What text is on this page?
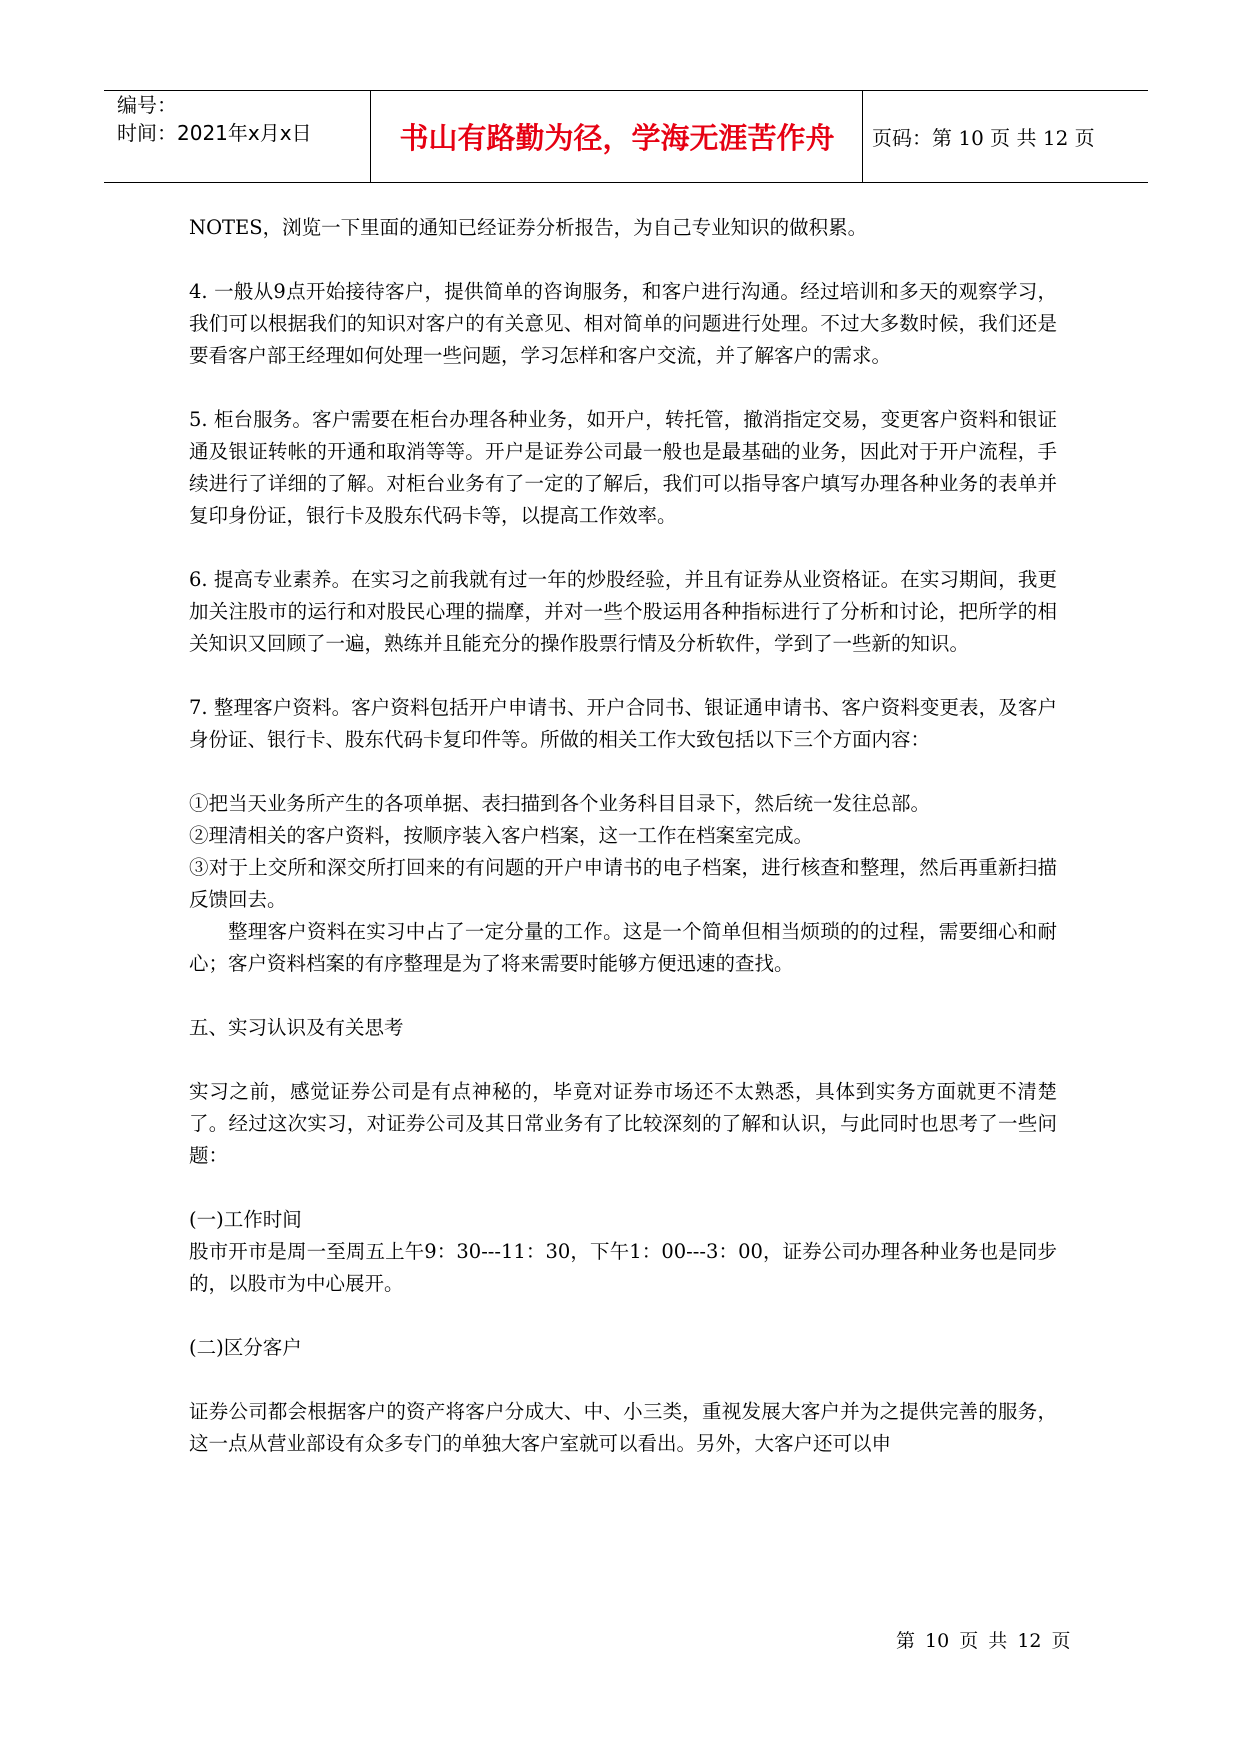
编号：
时间：2021年x月x日	书山有路勤为径，学海无涯苦作舟	页码：第 10 页 共 12 页

NOTES，浏览一下里面的通知已经证券分析报告，为自己专业知识的做积累。

4. 一般从9点开始接待客户，提供简单的咨询服务，和客户进行沟通。经过培训和多天的观察学习，我们可以根据我们的知识对客户的有关意见、相对简单的问题进行处理。不过大多数时候，我们还是要看客户部王经理如何处理一些问题，学习怎样和客户交流，并了解客户的需求。

5. 柜台服务。客户需要在柜台办理各种业务，如开户，转托管，撤消指定交易，变更客户资料和银证通及银证转帐的开通和取消等等。开户是证券公司最一般也是最基础的业务，因此对于开户流程，手续进行了详细的了解。对柜台业务有了一定的了解后，我们可以指导客户填写办理各种业务的表单并复印身份证，银行卡及股东代码卡等，以提高工作效率。

6. 提高专业素养。在实习之前我就有过一年的炒股经验，并且有证券从业资格证。在实习期间，我更加关注股市的运行和对股民心理的揣摩，并对一些个股运用各种指标进行了分析和讨论，把所学的相关知识又回顾了一遍，熟练并且能充分的操作股票行情及分析软件，学到了一些新的知识。

7. 整理客户资料。客户资料包括开户申请书、开户合同书、银证通申请书、客户资料变更表，及客户身份证、银行卡、股东代码卡复印件等。所做的相关工作大致包括以下三个方面内容：

①把当天业务所产生的各项单据、表扫描到各个业务科目目录下，然后统一发往总部。

②理清相关的客户资料，按顺序装入客户档案，这一工作在档案室完成。

③对于上交所和深交所打回来的有问题的开户申请书的电子档案，进行核查和整理，然后再重新扫描反馈回去。

整理客户资料在实习中占了一定分量的工作。这是一个简单但相当烦琐的的过程，需要细心和耐心；客户资料档案的有序整理是为了将来需要时能够方便迅速的查找。

五、实习认识及有关思考

实习之前，感觉证券公司是有点神秘的，毕竟对证券市场还不太熟悉，具体到实务方面就更不清楚了。经过这次实习，对证券公司及其日常业务有了比较深刻的了解和认识，与此同时也思考了一些问题：

(一)工作时间

股市开市是周一至周五上午9：30---11：30，下午1：00---3：00，证券公司办理各种业务也是同步的，以股市为中心展开。

(二)区分客户

证券公司都会根据客户的资产将客户分成大、中、小三类，重视发展大客户并为之提供完善的服务，这一点从营业部设有众多专门的单独大客户室就可以看出。另外，大客户还可以申

第 10 页 共 12 页
